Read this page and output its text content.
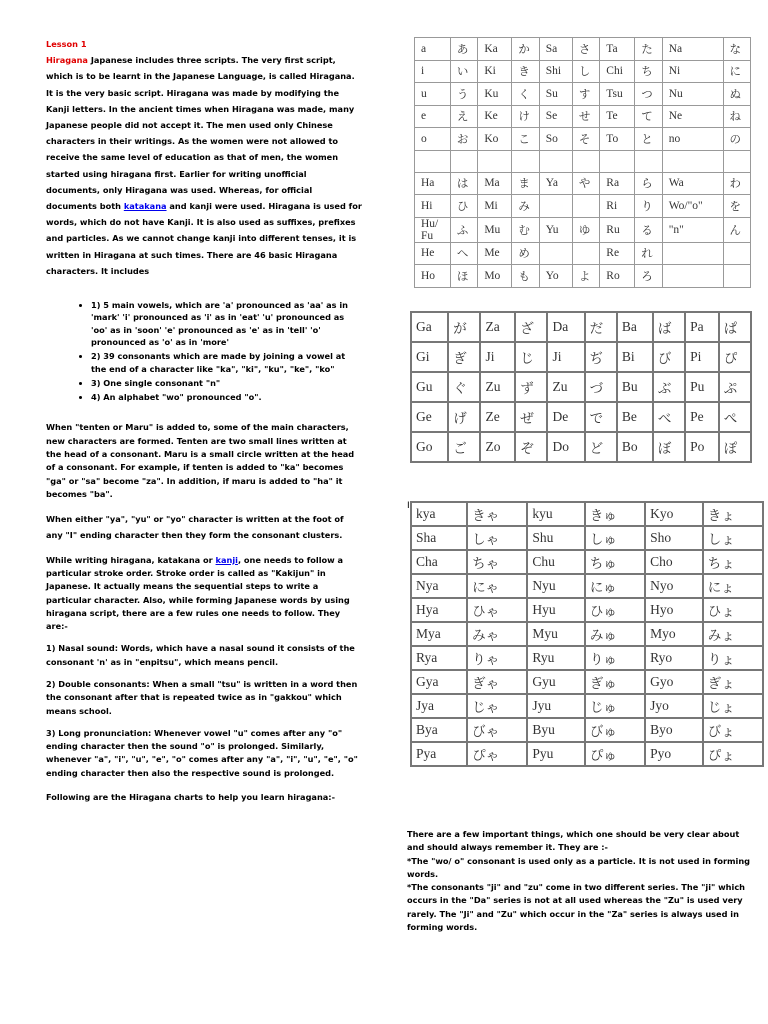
Lesson 1

Hiragana Japanese includes three scripts. The very first script, which is to be learnt in the Japanese Language, is called Hiragana. It is the very basic script. Hiragana was made by modifying the Kanji letters. In the ancient times when Hiragana was made, many Japanese people did not accept it. The men used only Chinese characters in their writings. As the women were not allowed to receive the same level of education as that of men, the women started using hiragana first. Earlier for writing unofficial documents, only Hiragana was used. Whereas, for official documents both katakana and kanji were used. Hiragana is used for words, which do not have Kanji. It is also used as suffixes, prefixes and particles. As we cannot change kanji into different tenses, it is written in Hiragana at such times. There are 46 basic Hiragana characters. It includes

• 1) 5 main vowels, which are 'a' pronounced as 'aa' as in 'mark' 'i' pronounced as 'i' as in 'eat' 'u' pronounced as 'oo' as in 'soon' 'e' pronounced as 'e' as in 'tell' 'o' pronounced as 'o' as in 'more'
• 2) 39 consonants which are made by joining a vowel at the end of a character like "ka", "ki", "ku", "ke", "ko"
• 3) One single consonant "n"
• 4) An alphabet "wo" pronounced "o".

When "tenten or Maru" is added to, some of the main characters, new characters are formed. Tenten are two small lines written at the head of a consonant. Maru is a small circle written at the head of a consonant. For example, if tenten is added to "ka" becomes "ga" or "sa" become "za". In addition, if maru is added to "ha" it becomes "ba".

When either "ya", "yu" or "yo" character is written at the foot of any "I" ending character then they form the consonant clusters.

While writing hiragana, katakana or kanji, one needs to follow a particular stroke order. Stroke order is called as "Kakijun" in Japanese. It actually means the sequential steps to write a particular character. Also, while forming Japanese words by using hiragana script, there are a few rules one needs to follow. They are:-

1) Nasal sound: Words, which have a nasal sound it consists of the consonant 'n' as in "enpitsu", which means pencil.

2) Double consonants: When a small "tsu" is written in a word then the consonant after that is repeated twice as in "gakkou" which means school.

3) Long pronunciation: Whenever vowel "u" comes after any "o" ending character then the sound "o" is prolonged. Similarly, whenever "a", "i", "u", "e", "o" comes after any "a", "i", "u", "e", "o" ending character then also the respective sound is prolonged.

Following are the Hiragana charts to help you learn hiragana:-

a	あ	Ka	か	Sa	さ	Ta	た	Na	な
i	い	Ki	き	Shi	し	Chi	ち	Ni	に
u	う	Ku	く	Su	す	Tsu	つ	Nu	ぬ
e	え	Ke	け	Se	せ	Te	て	Ne	ね
o	お	Ko	こ	So	そ	To	と	no	の

Ha	は	Ma	ま	Ya	や	Ra	ら	Wa	わ
Hi	ひ	Mi	み			Ri	り	Wo/"o"	を
Hu/
Fu	ふ	Mu	む	Yu	ゆ	Ru	る	"n"	ん
He	へ	Me	め			Re	れ		
Ho	ほ	Mo	も	Yo	よ	Ro	ろ		
Ga	が	Za	ざ	Da	だ	Ba	ば	Pa	ぱ
Gi	ぎ	Ji	じ	Ji	ぢ	Bi	び	Pi	ぴ
Gu	ぐ	Zu	ず	Zu	づ	Bu	ぶ	Pu	ぷ
Ge	げ	Ze	ぜ	De	で	Be	べ	Pe	ぺ
Go	ご	Zo	ぞ	Do	ど	Bo	ぼ	Po	ぽ
I kya	きゃ	kyu	きゅ	Kyo	きょ
Sha	しゃ	Shu	しゅ	Sho	しょ
Cha	ちゃ	Chu	ちゅ	Cho	ちょ
Nya	にゃ	Nyu	にゅ	Nyo	にょ
Hya	ひゃ	Hyu	ひゅ	Hyo	ひょ
Mya	みゃ	Myu	みゅ	Myo	みょ
Rya	りゃ	Ryu	りゅ	Ryo	りょ
Gya	ぎゃ	Gyu	ぎゅ	Gyo	ぎょ
Jya	じゃ	Jyu	じゅ	Jyo	じょ
Bya	びゃ	Byu	びゅ	Byo	びょ
Pya	ぴゃ	Pyu	ぴゅ	Pyo	ぴょ

There are a few important things, which one should be very clear about and should always remember it. They are :-

*The "wo/ o" consonant is used only as a particle. It is not used in forming words.

*The consonants "ji" and "zu" come in two different series. The "ji" which occurs in the "Da" series is not at all used whereas the "Zu" is used very rarely. The "Ji" and "Zu" which occur in the "Za" series is always used in forming words.
